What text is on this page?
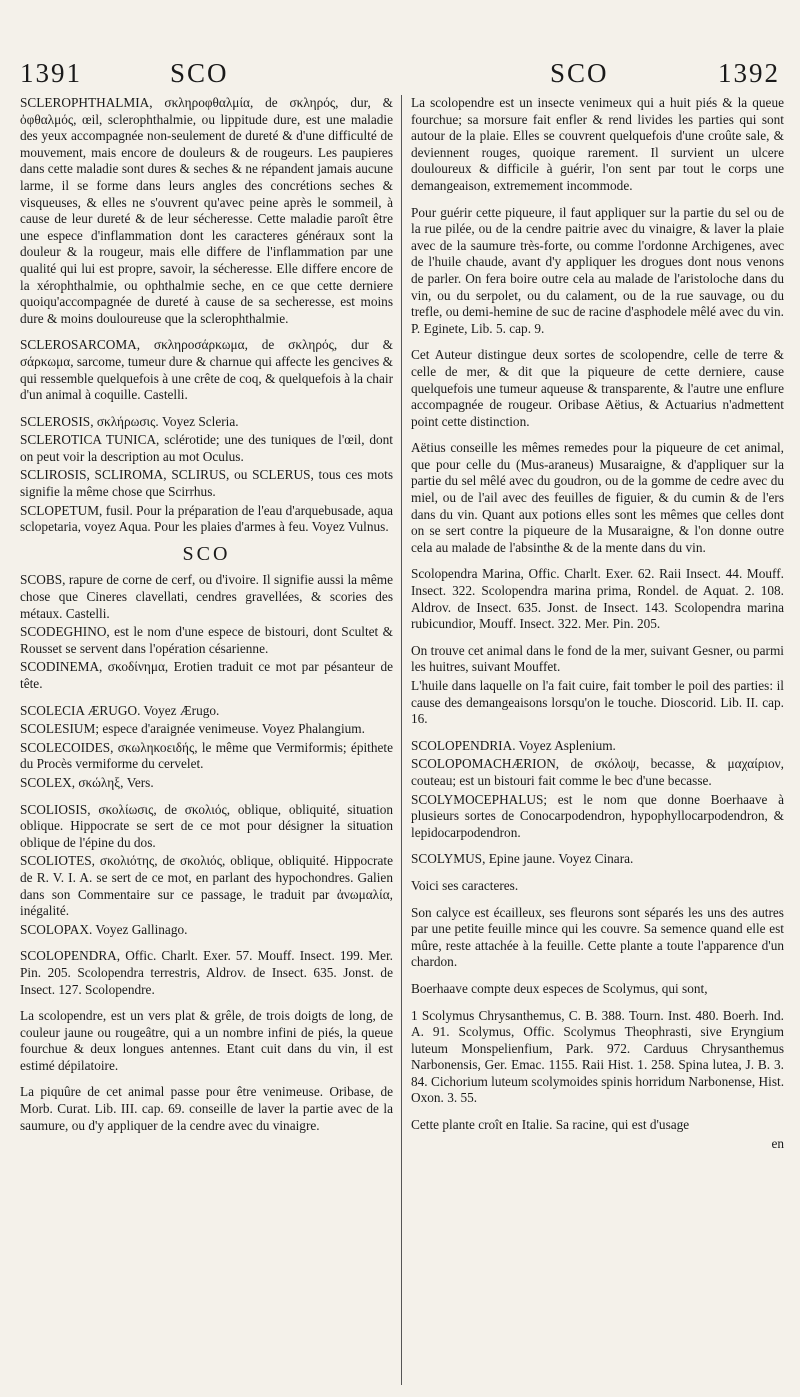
1391	SCO	SCO	1392

SCLEROPHTHALMIA, σκληροφθαλμία, de σκληρός, dur, & ὀφθαλμός, œil, sclerophthalmie, ou lippitude dure, est une maladie des yeux accompagnée non-seulement de dureté & d'une difficulté de mouvement, mais encore de douleurs & de rougeurs. Les paupieres dans cette maladie sont dures & seches & ne répandent jamais aucune larme, il se forme dans leurs angles des concrétions seches & visqueuses, & elles ne s'ouvrent qu'avec peine après le sommeil, à cause de leur dureté & de leur sécheresse. Cette maladie paroît être une espece d'inflammation dont les caracteres généraux sont la douleur & la rougeur, mais elle differe de l'inflammation par une qualité qui lui est propre, savoir, la sécheresse. Elle differe encore de la xérophthalmie, ou ophthalmie seche, en ce que cette derniere quoiqu'accompagnée de dureté à cause de sa secheresse, est moins dure & moins douloureuse que la sclerophthalmie.

SCLEROSARCOMA, σκληροσάρκωμα, de σκληρός, dur & σάρκωμα, sarcome, tumeur dure & charnue qui affecte les gencives & qui ressemble quelquefois à une crête de coq, & quelquefois à la chair d'un animal à coquille. Castelli.

SCLEROSIS, σκλήρωσις. Voyez Scleria.

SCLEROTICA TUNICA, sclérotide; une des tuniques de l'œil, dont on peut voir la description au mot Oculus.

SCLIROSIS, SCLIROMA, SCLIRUS, ou SCLERUS, tous ces mots signifie la même chose que Scirrhus.

SCLOPETUM, fusil. Pour la préparation de l'eau d'arquebusade, aqua sclopetaria, voyez Aqua. Pour les plaies d'armes à feu. Voyez Vulnus.

SCO

SCOBS, rapure de corne de cerf, ou d'ivoire. Il signifie aussi la même chose que Cineres clavellati, cendres gravellées, & scories des métaux. Castelli.

SCODEGHINO, est le nom d'une espece de bistouri, dont Scultet & Rousset se servent dans l'opération césarienne.

SCODINEMA, σκοδίνημα, Erotien traduit ce mot par pésanteur de tête.

SCOLECIA ÆRUGO. Voyez Ærugo.

SCOLESIUM; espece d'araignée venimeuse. Voyez Phalangium.

SCOLECOIDES, σκωληκοειδής, le même que Vermiformis; épithete du Procès vermiforme du cervelet.

SCOLEX, σκώληξ, Vers.

SCOLIOSIS, σκολίωσις, de σκολιός, oblique, obliquité, situation oblique. Hippocrate se sert de ce mot pour désigner la situation oblique de l'épine du dos.

SCOLIOTES, σκολιότης, de σκολιός, oblique, obliquité. Hippocrate de R. V. I. A. se sert de ce mot, en parlant des hypochondres. Galien dans son Commentaire sur ce passage, le traduit par ἀνωμαλία, inégalité.

SCOLOPAX. Voyez Gallinago.

SCOLOPENDRA, Offic. Charlt. Exer. 57. Mouff. Insect. 199. Mer. Pin. 205. Scolopendra terrestris, Aldrov. de Insect. 635. Jonst. de Insect. 127. Scolopendre.

La scolopendre, est un vers plat & grêle, de trois doigts de long, de couleur jaune ou rougeâtre, qui a un nombre infini de piés, la queue fourchue & deux longues antennes. Etant cuit dans du vin, il est estimé dépilatoire.

La piquûre de cet animal passe pour être venimeuse. Oribase, de Morb. Curat. Lib. III. cap. 69. conseille de laver la partie avec de la saumure, ou d'y appliquer de la cendre avec du vinaigre.

La scolopendre est un insecte venimeux qui a huit piés & la queue fourchue; sa morsure fait enfler & rend livides les parties qui sont autour de la plaie. Elles se couvrent quelquefois d'une croûte sale, & deviennent rouges, quoique rarement. Il survient un ulcere douloureux & difficile à guérir, l'on sent par tout le corps une demangeaison, extremement incommode.

Pour guérir cette piqueure, il faut appliquer sur la partie du sel ou de la rue pilée, ou de la cendre paitrie avec du vinaigre, & laver la plaie avec de la saumure très-forte, ou comme l'ordonne Archigenes, avec de l'huile chaude, avant d'y appliquer les drogues dont nous venons de parler. On fera boire outre cela au malade de l'aristoloche dans du vin, ou du serpolet, ou du calament, ou de la rue sauvage, ou du trefle, ou demi-hemine de suc de racine d'asphodele mêlé avec du vin. P. Eginete, Lib. 5. cap. 9.

Cet Auteur distingue deux sortes de scolopendre, celle de terre & celle de mer, & dit que la piqueure de cette derniere, cause quelquefois une tumeur aqueuse & transparente, & l'autre une enflure accompagnée de rougeur. Oribase Aëtius, & Actuarius n'admettent point cette distinction.

Aëtius conseille les mêmes remedes pour la piqueure de cet animal, que pour celle du (Mus-araneus) Musaraigne, & d'appliquer sur la partie du sel mêlé avec du goudron, ou de la gomme de cedre avec du miel, ou de l'ail avec des feuilles de figuier, & du cumin & de l'ers dans du vin. Quant aux potions elles sont les mêmes que celles dont on se sert contre la piqueure de la Musaraigne, & l'on donne outre cela au malade de l'absinthe & de la mente dans du vin.

Scolopendra Marina, Offic. Charlt. Exer. 62. Raii Insect. 44. Mouff. Insect. 322. Scolopendra marina prima, Rondel. de Aquat. 2. 108. Aldrov. de Insect. 635. Jonst. de Insect. 143. Scolopendra marina rubicundior, Mouff. Insect. 322. Mer. Pin. 205.

On trouve cet animal dans le fond de la mer, suivant Gesner, ou parmi les huitres, suivant Mouffet.

L'huile dans laquelle on l'a fait cuire, fait tomber le poil des parties: il cause des demangeaisons lorsqu'on le touche. Dioscorid. Lib. II. cap. 16.

SCOLOPENDRIA. Voyez Asplenium.

SCOLOPOMACHÆRION, de σκόλοψ, becasse, & μαχαίριον, couteau; est un bistouri fait comme le bec d'une becasse.

SCOLYMOCEPHALUS; est le nom que donne Boerhaave à plusieurs sortes de Conocarpodendron, hypophyllocarpodendron, & lepidocarpodendron.

SCOLYMUS, Epine jaune. Voyez Cinara.

Voici ses caracteres.

Son calyce est écailleux, ses fleurons sont séparés les uns des autres par une petite feuille mince qui les couvre. Sa semence quand elle est mûre, reste attachée à la feuille. Cette plante a toute l'apparence d'un chardon.

Boerhaave compte deux especes de Scolymus, qui sont,

1 Scolymus Chrysanthemus, C. B. 388. Tourn. Inst. 480. Boerh. Ind. A. 91. Scolymus, Offic. Scolymus Theophrasti, sive Eryngium luteum Monspelienfium, Park. 972. Carduus Chrysanthemus Narbonensis, Ger. Emac. 1155. Raii Hist. 1. 258. Spina lutea, J. B. 3. 84. Cichorium luteum scolymoides spinis horridum Narbonense, Hist. Oxon. 3. 55.

Cette plante croît en Italie. Sa racine, qui est d'usage

en
